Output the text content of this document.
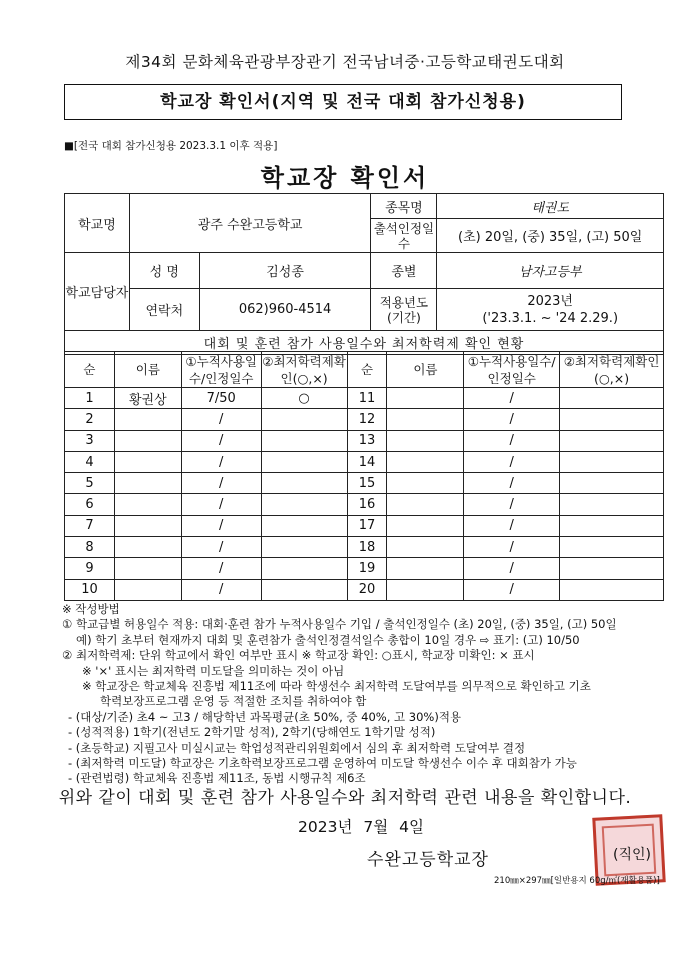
제34회 문화체육관광부장관기 전국남녀중·고등학교태권도대회
학교장 확인서(지역 및 전국 대회 참가신청용)
■[전국 대회 참가신청용 2023.3.1 이후 적용]
학교장 확인서
학교명	광주 수완고등학교		종목명	태권도
			출석인정일수	(초) 20일, (중) 35일, (고) 50일
학교담당자	성 명	김성종	종별	남자고등부
	연락처	062)960-4514	적용년도(기간)	2023년
('23.3.1. ~ '24 2.29.)

대회 및 훈련 참가 사용일수와 최저학력제 확인 현황				
순	이름	①누적사용일수/인정일수	②최저학력제확인(○,×)	순	이름	①누적사용일수/인정일수	②최저학력제확인(○,×)
1	황권상	7/50	○	11		/	
2		/		12		/	
3		/		13		/	
4		/		14		/	
5		/		15		/	
6		/		16		/	
7		/		17		/	
8		/		18		/	
9		/		19		/	
10		/		20		/	
※ 작성방법
① 학교급별 허용일수 적용: 대회·훈련 참가 누적사용일수 기입 / 출석인정일수 (초) 20일, (중) 35일, (고) 50일
예) 학기 초부터 현재까지 대회 및 훈련참가 출석인정결석일수 총합이 10일 경우 ⇨ 표기: (고) 10/50
② 최저학력제: 단위 학교에서 확인 여부만 표시 ※ 학교장 확인: ○표시, 학교장 미확인: × 표시
※ '×' 표시는 최저학력 미도달을 의미하는 것이 아님
※ 학교장은 학교체육 진흥법 제11조에 따라 학생선수 최저학력 도달여부를 의무적으로 확인하고 기초
학력보장프로그램 운영 등 적절한 조치를 취하여야 함
- (대상/기준) 초4 ~ 고3 / 해당학년 과목평균(초 50%, 중 40%, 고 30%)적용
- (성적적용) 1학기(전년도 2학기말 성적), 2학기(당해연도 1학기말 성적)
- (초등학교) 지필고사 미실시교는 학업성적관리위원회에서 심의 후 최저학력 도달여부 결정
- (최저학력 미도달) 학교장은 기초학력보장프로그램 운영하여 미도달 학생선수 이수 후 대회참가 가능
- (관련법령) 학교체육 진흥법 제11조, 동법 시행규칙 제6조
위와 같이 대회 및 훈련 참가 사용일수와 최저학력 관련 내용을 확인합니다.
2023년 7월 4일
수완고등학교장	(직인)
210㎜×297㎜[일반용지 60g/㎡(재활용품)]
